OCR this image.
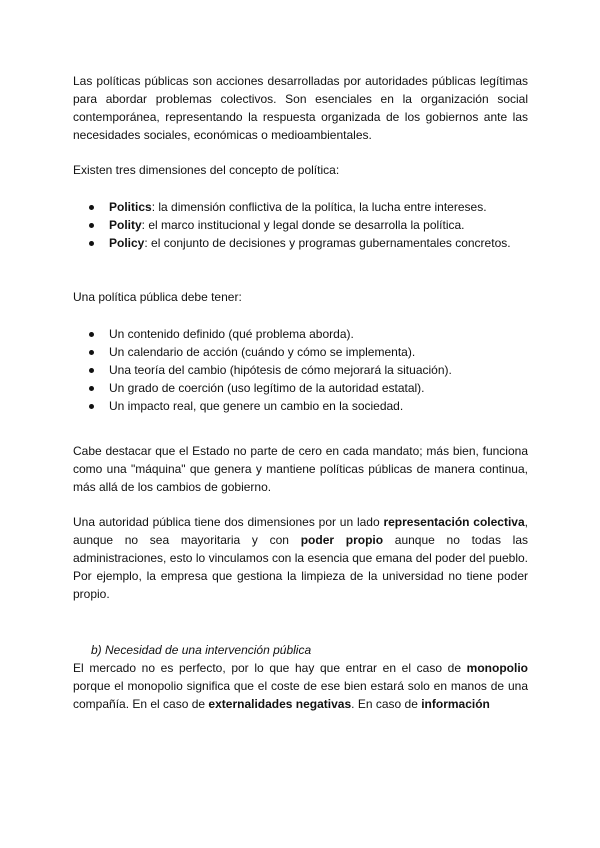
Las políticas públicas son acciones desarrolladas por autoridades públicas legítimas para abordar problemas colectivos. Son esenciales en la organización social contemporánea, representando la respuesta organizada de los gobiernos ante las necesidades sociales, económicas o medioambientales.

Existen tres dimensiones del concepto de política:

Politics: la dimensión conflictiva de la política, la lucha entre intereses.
Polity: el marco institucional y legal donde se desarrolla la política.
Policy: el conjunto de decisiones y programas gubernamentales concretos.

Una política pública debe tener:

Un contenido definido (qué problema aborda).
Un calendario de acción (cuándo y cómo se implementa).
Una teoría del cambio (hipótesis de cómo mejorará la situación).
Un grado de coerción (uso legítimo de la autoridad estatal).
Un impacto real, que genere un cambio en la sociedad.

Cabe destacar que el Estado no parte de cero en cada mandato; más bien, funciona como una "máquina" que genera y mantiene políticas públicas de manera continua, más allá de los cambios de gobierno.

Una autoridad pública tiene dos dimensiones por un lado representación colectiva, aunque no sea mayoritaria y con poder propio aunque no todas las administraciones, esto lo vinculamos con la esencia que emana del poder del pueblo. Por ejemplo, la empresa que gestiona la limpieza de la universidad no tiene poder propio.

b) Necesidad de una intervención pública

El mercado no es perfecto, por lo que hay que entrar en el caso de monopolio porque el monopolio significa que el coste de ese bien estará solo en manos de una compañía. En el caso de externalidades negativas. En caso de información
